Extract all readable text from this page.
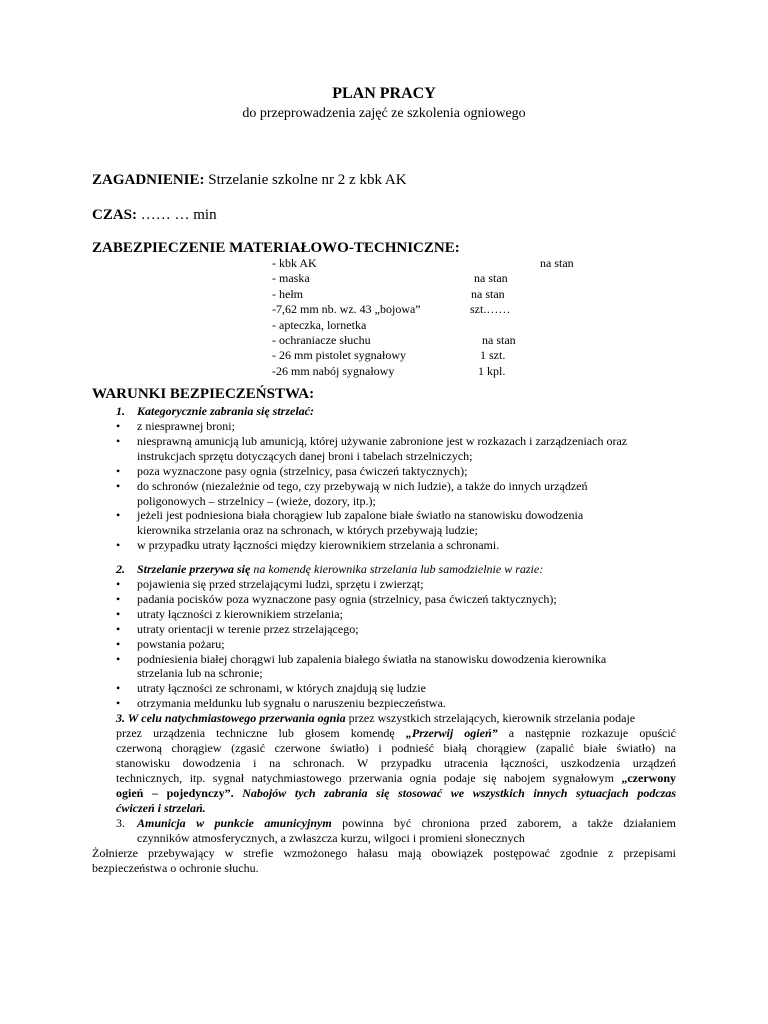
PLAN PRACY
do przeprowadzenia zajęć ze szkolenia ogniowego
ZAGADNIENIE: Strzelanie szkolne nr 2 z kbk AK
CZAS: …… … min
ZABEZPIECZENIE MATERIAŁOWO-TECHNICZNE:
- kbk AK	na stan
- maska	na stan
- hełm	na stan
-7,62 mm nb. wz. 43 „bojowa”	szt.……
- apteczka, lornetka
- ochraniacze słuchu	na stan
- 26 mm pistolet sygnałowy	1 szt.
-26 mm nabój sygnałowy	1 kpl.
WARUNKI BEZPIECZEŃSTWA:
1. Kategorycznie zabrania się strzelać:
• z niesprawnej broni;
• niesprawną amunicją lub amunicją, której używanie zabronione jest w rozkazach i zarządzeniach oraz
instrukcjach sprzętu dotyczących danej broni i tabelach strzelniczych;
• poza wyznaczone pasy ognia (strzelnicy, pasa ćwiczeń taktycznych);
• do schronów (niezależnie od tego, czy przebywają w nich ludzie), a także do innych urządzeń
poligonowych – strzelnicy – (wieże, dozory, itp.);
• jeżeli jest podniesiona biała chorągiew lub zapalone białe światło na stanowisku dowodzenia
kierownika strzelania oraz na schronach, w których przebywają ludzie;
• w przypadku utraty łączności między kierownikiem strzelania a schronami.
2. Strzelanie przerywa się na komendę kierownika strzelania lub samodzielnie w razie:
• pojawienia się przed strzelającymi ludzi, sprzętu i zwierząt;
• padania pocisków poza wyznaczone pasy ognia (strzelnicy, pasa ćwiczeń taktycznych);
• utraty łączności z kierownikiem strzelania;
• utraty orientacji w terenie przez strzelającego;
• powstania pożaru;
• podniesienia białej chorągwi lub zapalenia białego światła na stanowisku dowodzenia kierownika
strzelania lub na schronie;
• utraty łączności ze schronami, w których znajdują się ludzie
• otrzymania meldunku lub sygnału o naruszeniu bezpieczeństwa.
3. W celu natychmiastowego przerwania ognia przez wszystkich strzelających, kierownik strzelania podaje
przez urządzenia techniczne lub głosem komendę „Przerwij ogień” a następnie rozkazuje opuścić
czerwoną chorągiew (zgasić czerwone światło) i podnieść białą chorągiew (zapalić białe światło) na
stanowisku dowodzenia i na schronach. W przypadku utracenia łączności, uszkodzenia urządzeń
technicznych, itp. sygnał natychmiastowego przerwania ognia podaje się nabojem sygnałowym „czerwony
ogień – pojedynczy”. Nabojów tych zabrania się stosować we wszystkich innych sytuacjach podczas
ćwiczeń i strzelań.
3. Amunicja w punkcie amunicyjnym powinna być chroniona przed zaborem, a także działaniem
czynników atmosferycznych, a zwłaszcza kurzu, wilgoci i promieni słonecznych
Żołnierze przebywający w strefie wzmożonego hałasu mają obowiązek postępować zgodnie z przepisami
bezpieczeństwa o ochronie słuchu.
